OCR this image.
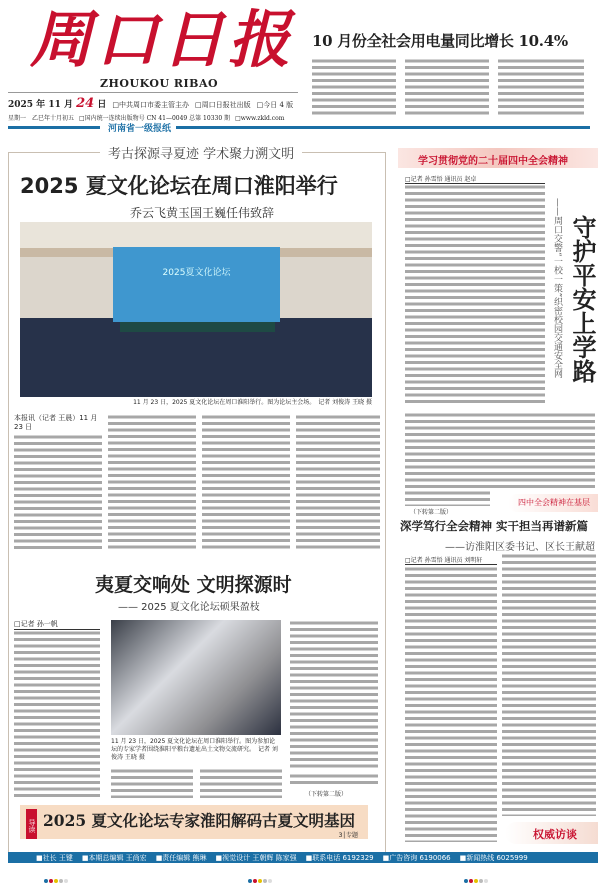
周口日报
ZHOUKOU RIBAO
2025 年 11 月 24 日 □中共周口市委主管主办 □周口日报社出版 □今日 4 版
星期一　乙巳年十月初五 □国内统一连续出版物号 CN 41—0049 总第 10330 期 □www.zkld.com
河南省一级报纸
10 月份全社会用电量同比增长 10.4%
考古探源寻夏迹 学术聚力溯文明
2025 夏文化论坛在周口淮阳举行
乔云飞黄玉国王巍任伟致辞
2025夏文化论坛
11 月 23 日，2025 夏文化论坛在周口淮阳举行。图为论坛主会场。　记者 刘俊涛 王晓 摄
本报讯（记者 王晨）11 月 23 日
夷夏交响处 文明探源时
—— 2025 夏文化论坛硕果盈枝
□记者 孙一帆
11 月 23 日，2025 夏文化论坛在周口淮阳举行。图为参加论坛的专家学者围绕淮阳平粮台遗址出土文物交流研究。　记者 刘俊涛 王晓 摄
（下转第二版）
导读 2025 夏文化论坛专家淮阳解码古夏文明基因
3│专题
学习贯彻党的二十届四中全会精神
□记者 孙雪悟 通讯员 赵卓
守护平安上学路
——周口交警“一校一策”织密校园交通安全网
（下转第二版）
四中全会精神在基层
深学笃行全会精神 实干担当再谱新篇
——访淮阳区委书记、区长王献超
□记者 孙雪悟 通讯员 刘明轩
权威访谈
■社长 王键 ■本期总编辑 王尚宏 ■责任编辑 熊琳 ■视觉设计 王朝辉 陈家强 ■联系电话 6192329 ■广告咨询 6190066 ■新闻热线 6025999
